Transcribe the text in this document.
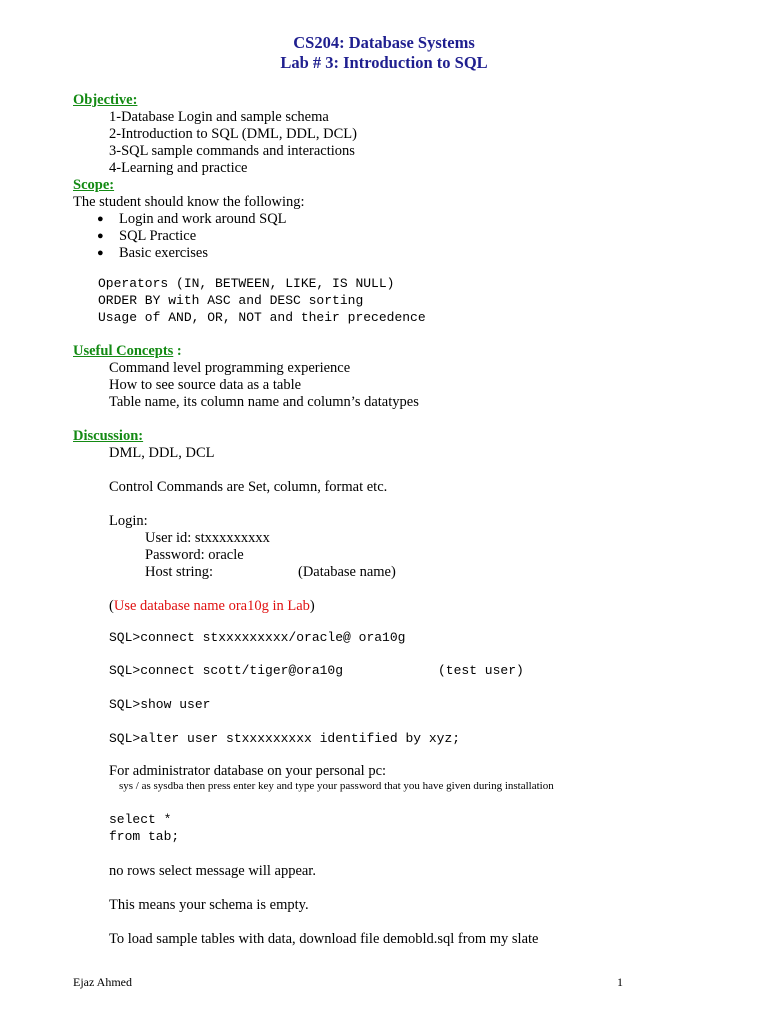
CS204: Database Systems
Lab # 3: Introduction to SQL
Objective:
1-Database Login and sample schema
2-Introduction to SQL (DML, DDL, DCL)
3-SQL sample commands and interactions
4-Learning and practice
Scope:
The student should know the following:
● Login and work around SQL
● SQL Practice
● Basic exercises
Operators (IN, BETWEEN, LIKE, IS NULL)
ORDER BY with ASC and DESC sorting
Usage of AND, OR, NOT and their precedence
Useful Concepts :
Command level programming experience
How to see source data as a table
Table name, its column name and column’s datatypes
Discussion:
DML, DDL, DCL
Control Commands are Set, column, format etc.
Login:
User id: stxxxxxxxxx
Password: oracle
Host string:	(Database name)
(Use database name ora10g in Lab)
SQL>connect stxxxxxxxxx/oracle@ ora10g
SQL>connect scott/tiger@ora10g	(test user)
SQL>show user
SQL>alter user stxxxxxxxxx identified by xyz;
For administrator database on your personal pc:
sys / as sysdba then press enter key and type your password that you have given during installation
select *
from tab;
no rows select message will appear.
This means your schema is empty.
To load sample tables with data, download file demobld.sql from my slate
Ejaz Ahmed	1
